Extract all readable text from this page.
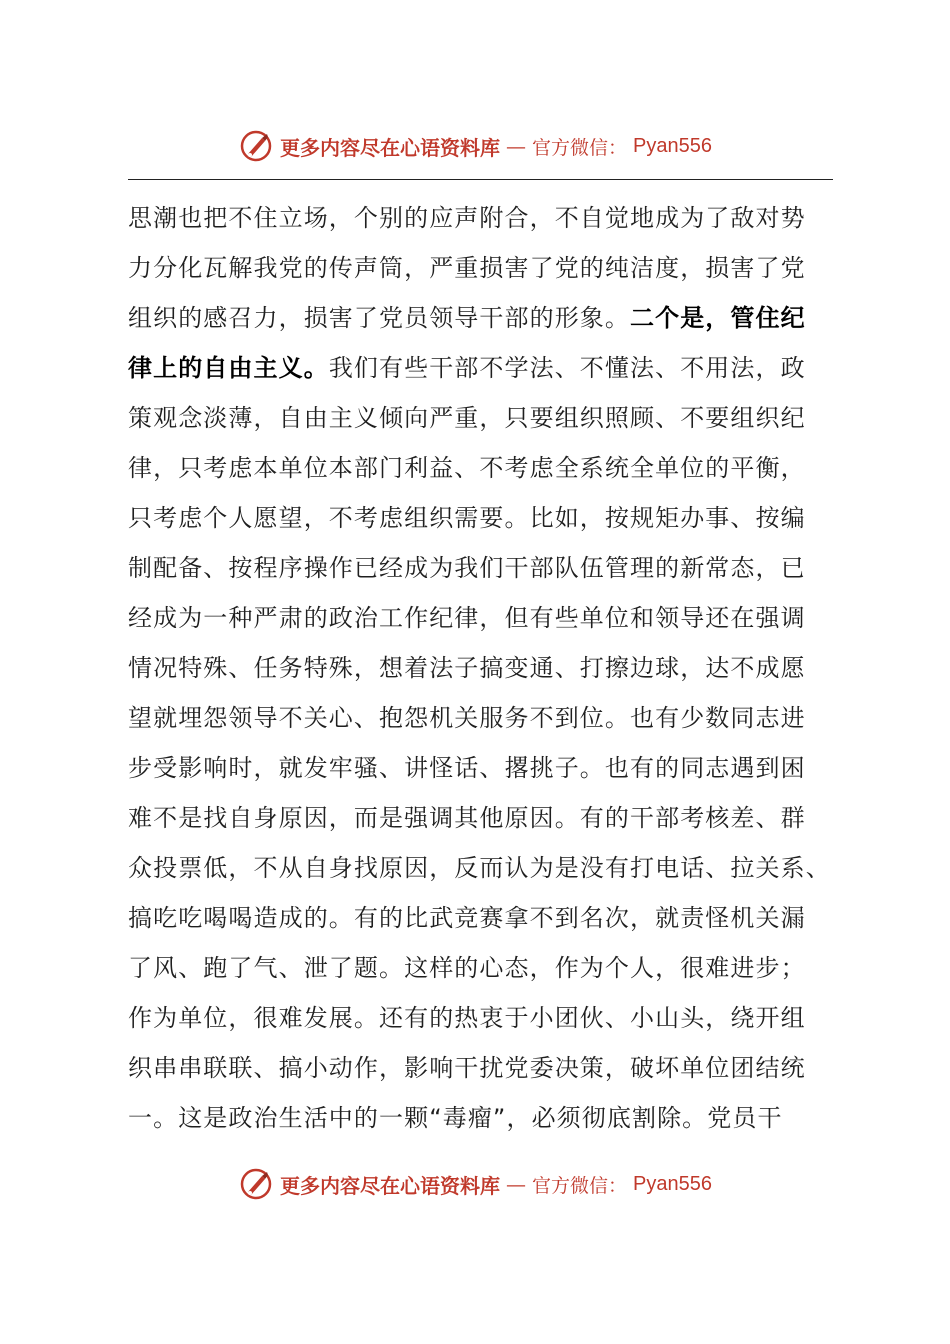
更多内容尽在心语资料库 — 官方微信： Pyan556
思潮也把不住立场，个别的应声附合，不自觉地成为了敌对势
力分化瓦解我党的传声筒，严重损害了党的纯洁度，损害了党
组织的感召力，损害了党员领导干部的形象。二个是，管住纪
律上的自由主义。我们有些干部不学法、不懂法、不用法，政
策观念淡薄，自由主义倾向严重，只要组织照顾、不要组织纪
律，只考虑本单位本部门利益、不考虑全系统全单位的平衡，
只考虑个人愿望，不考虑组织需要。比如，按规矩办事、按编
制配备、按程序操作已经成为我们干部队伍管理的新常态，已
经成为一种严肃的政治工作纪律，但有些单位和领导还在强调
情况特殊、任务特殊，想着法子搞变通、打擦边球，达不成愿
望就埋怨领导不关心、抱怨机关服务不到位。也有少数同志进
步受影响时，就发牢骚、讲怪话、撂挑子。也有的同志遇到困
难不是找自身原因，而是强调其他原因。有的干部考核差、群
众投票低，不从自身找原因，反而认为是没有打电话、拉关系、
搞吃吃喝喝造成的。有的比武竞赛拿不到名次，就责怪机关漏
了风、跑了气、泄了题。这样的心态，作为个人，很难进步；
作为单位，很难发展。还有的热衷于小团伙、小山头，绕开组
织串串联联、搞小动作，影响干扰党委决策，破坏单位团结统
一。这是政治生活中的一颗“毒瘤”，必须彻底割除。党员干
更多内容尽在心语资料库 — 官方微信： Pyan556
